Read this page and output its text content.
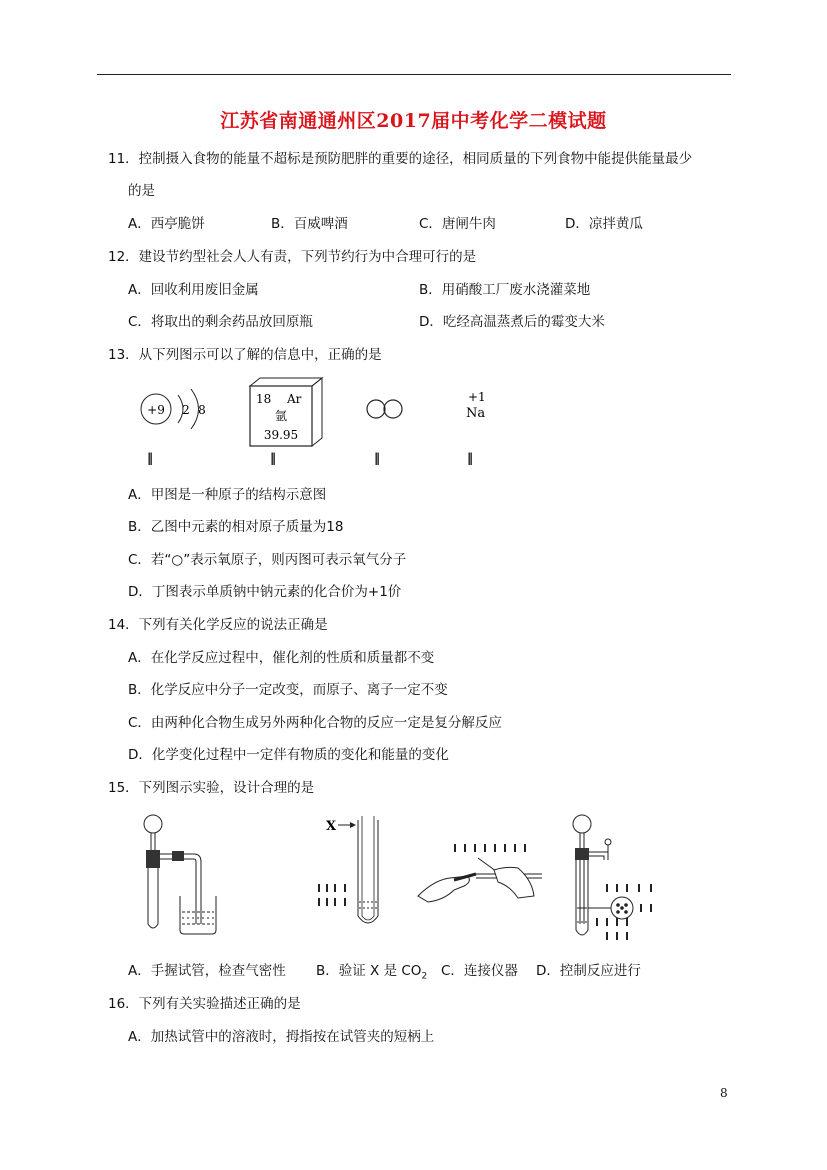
江苏省南通通州区2017届中考化学二模试题
11．控制摄入食物的能量不超标是预防肥胖的重要的途径，相同质量的下列食物中能提供能量最少
的是
A．西亭脆饼	B．百威啤酒	C．唐闸牛肉	D．凉拌黄瓜
12．建设节约型社会人人有责，下列节约行为中合理可行的是
A．回收利用废旧金属	B．用硝酸工厂废水浇灌菜地
C．将取出的剩余药品放回原瓶	D．吃经高温蒸煮后的霉变大米
13．从下列图示可以了解的信息中，正确的是
+9 2 8
18 Ar
氩
39.95
+1
Na
‖	‖	‖	‖
A．甲图是一种原子的结构示意图
B．乙图中元素的相对原子质量为18
C．若“○”表示氧原子，则丙图可表示氧气分子
D．丁图表示单质钠中钠元素的化合价为+1价
14．下列有关化学反应的说法正确是
A．在化学反应过程中，催化剂的性质和质量都不变
B．化学反应中分子一定改变，而原子、离子一定不变
C．由两种化合物生成另外两种化合物的反应一定是复分解反应
D．化学变化过程中一定伴有物质的变化和能量的变化
15．下列图示实验，设计合理的是
X
A．手握试管，检查气密性 B．验证 X 是 $CO_2$ C．连接仪器 D．控制反应进行
16．下列有关实验描述正确的是
A．加热试管中的溶液时，拇指按在试管夹的短柄上
8
